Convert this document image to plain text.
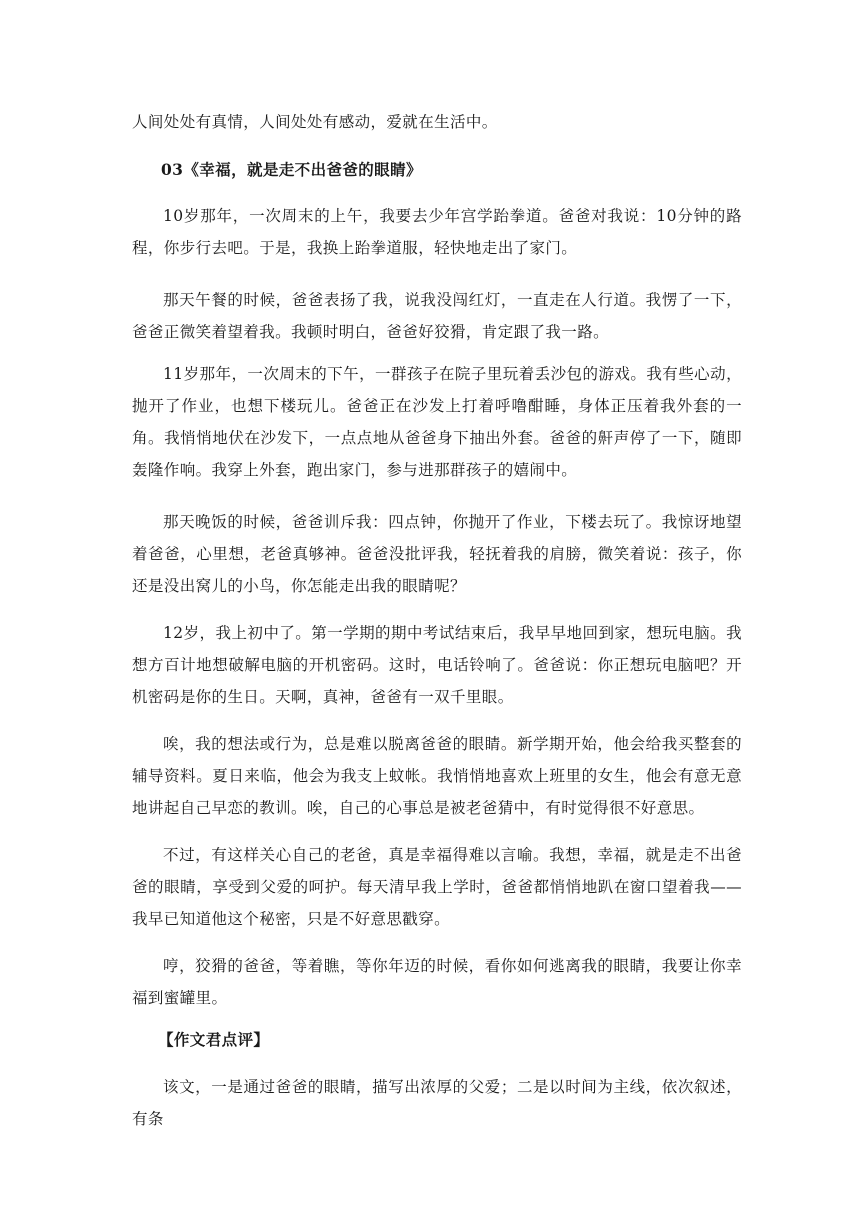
人间处处有真情，人间处处有感动，爱就在生活中。

03《幸福，就是走不出爸爸的眼睛》

10岁那年，一次周末的上午，我要去少年宫学跆拳道。爸爸对我说：10分钟的路程，你步行去吧。于是，我换上跆拳道服，轻快地走出了家门。

那天午餐的时候，爸爸表扬了我，说我没闯红灯，一直走在人行道。我愣了一下，爸爸正微笑着望着我。我顿时明白，爸爸好狡猾，肯定跟了我一路。

11岁那年，一次周末的下午，一群孩子在院子里玩着丢沙包的游戏。我有些心动，抛开了作业，也想下楼玩儿。爸爸正在沙发上打着呼噜酣睡，身体正压着我外套的一角。我悄悄地伏在沙发下，一点点地从爸爸身下抽出外套。爸爸的鼾声停了一下，随即轰隆作响。我穿上外套，跑出家门，参与进那群孩子的嬉闹中。

那天晚饭的时候，爸爸训斥我：四点钟，你抛开了作业，下楼去玩了。我惊讶地望着爸爸，心里想，老爸真够神。爸爸没批评我，轻抚着我的肩膀，微笑着说：孩子，你还是没出窝儿的小鸟，你怎能走出我的眼睛呢？

12岁，我上初中了。第一学期的期中考试结束后，我早早地回到家，想玩电脑。我想方百计地想破解电脑的开机密码。这时，电话铃响了。爸爸说：你正想玩电脑吧？开机密码是你的生日。天啊，真神，爸爸有一双千里眼。

唉，我的想法或行为，总是难以脱离爸爸的眼睛。新学期开始，他会给我买整套的辅导资料。夏日来临，他会为我支上蚊帐。我悄悄地喜欢上班里的女生，他会有意无意地讲起自己早恋的教训。唉，自己的心事总是被老爸猜中，有时觉得很不好意思。

不过，有这样关心自己的老爸，真是幸福得难以言喻。我想，幸福，就是走不出爸爸的眼睛，享受到父爱的呵护。每天清早我上学时，爸爸都悄悄地趴在窗口望着我——我早已知道他这个秘密，只是不好意思戳穿。

哼，狡猾的爸爸，等着瞧，等你年迈的时候，看你如何逃离我的眼睛，我要让你幸福到蜜罐里。

【作文君点评】

该文，一是通过爸爸的眼睛，描写出浓厚的父爱；二是以时间为主线，依次叙述，有条
